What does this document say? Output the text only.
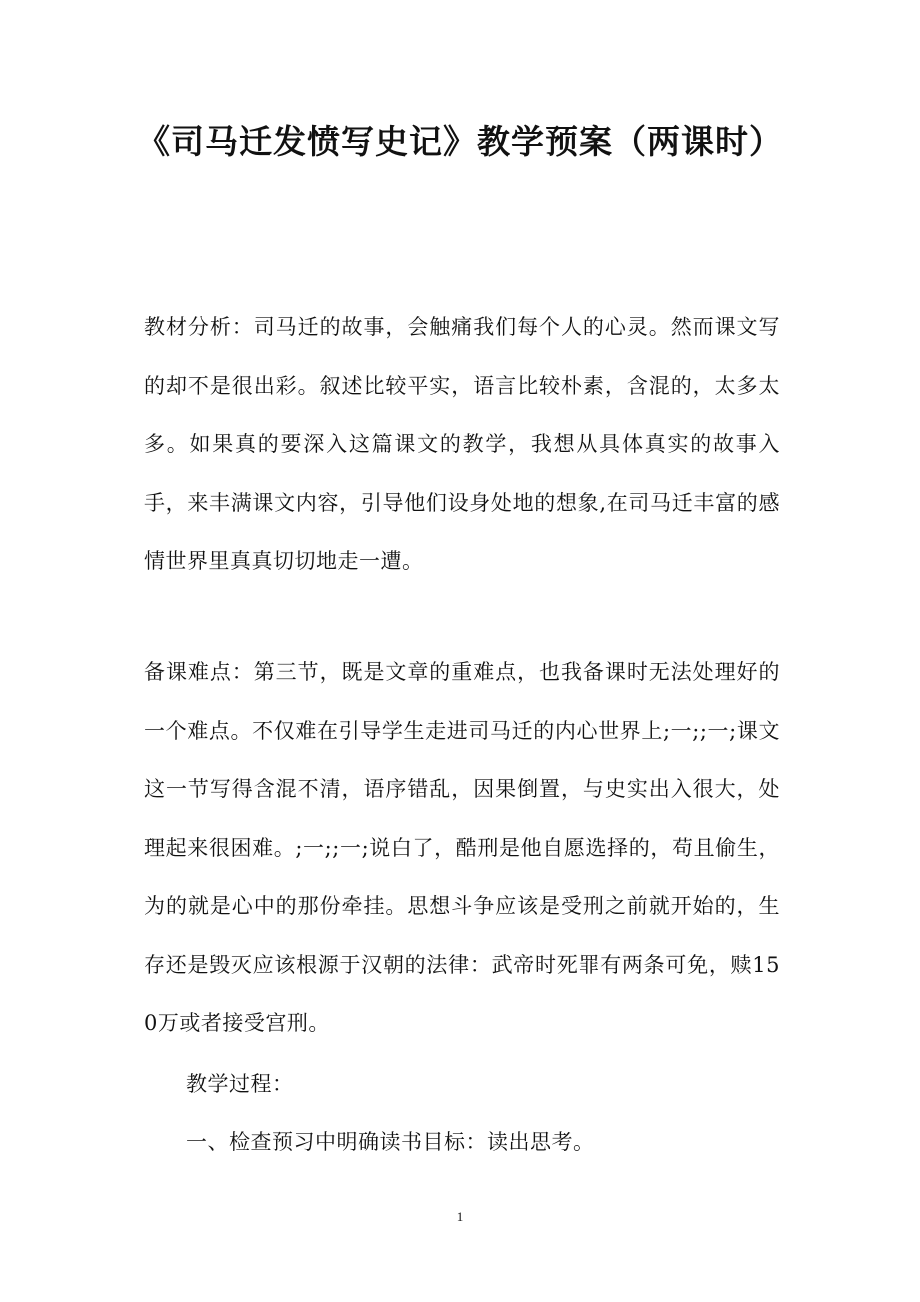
《司马迁发愤写史记》教学预案（两课时）
教材分析：司马迁的故事，会触痛我们每个人的心灵。然而课文写的却不是很出彩。叙述比较平实，语言比较朴素，含混的，太多太多。如果真的要深入这篇课文的教学，我想从具体真实的故事入手，来丰满课文内容，引导他们设身处地的想象,在司马迁丰富的感情世界里真真切切地走一遭。
备课难点：第三节，既是文章的重难点，也我备课时无法处理好的一个难点。不仅难在引导学生走进司马迁的内心世界上;一;;一;课文这一节写得含混不清，语序错乱，因果倒置，与史实出入很大，处理起来很困难。;一;;一;说白了，酷刑是他自愿选择的，苟且偷生，为的就是心中的那份牵挂。思想斗争应该是受刑之前就开始的，生存还是毁灭应该根源于汉朝的法律：武帝时死罪有两条可免，赎150万或者接受宫刑。
教学过程：
一、检查预习中明确读书目标：读出思考。
1
